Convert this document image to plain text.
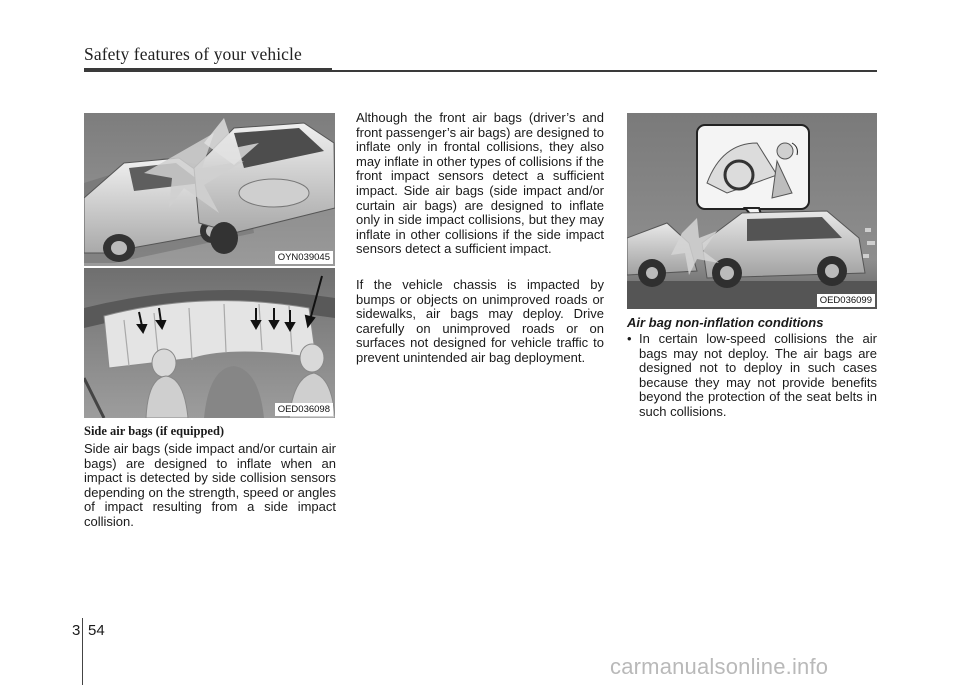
Safety features of your vehicle
OYN039045
OED036098
OED036099
Side air bags (if equipped)

Side air bags (side impact and/or curtain air bags) are designed to inflate when an impact is detected by side collision sensors depending on the strength, speed or angles of impact resulting from a side impact collision.

Although the front air bags (driver’s and front passenger’s air bags) are designed to inflate only in frontal collisions, they also may inflate in other types of collisions if the front impact sensors detect a sufficient impact. Side air bags (side impact and/or curtain air bags) are designed to inflate only in side impact collisions, but they may inflate in other collisions if the side impact sensors detect a sufficient impact.

If the vehicle chassis is impacted by bumps or objects on unimproved roads or sidewalks, air bags may deploy. Drive carefully on unimproved roads or on surfaces not designed for vehicle traffic to prevent unintended air bag deployment.

Air bag non-inflation conditions
• In certain low-speed collisions the air bags may not deploy. The air bags are designed not to deploy in such cases because they may not provide benefits beyond the protection of the seat belts in such collisions.
3 54
carmanualsonline.info
